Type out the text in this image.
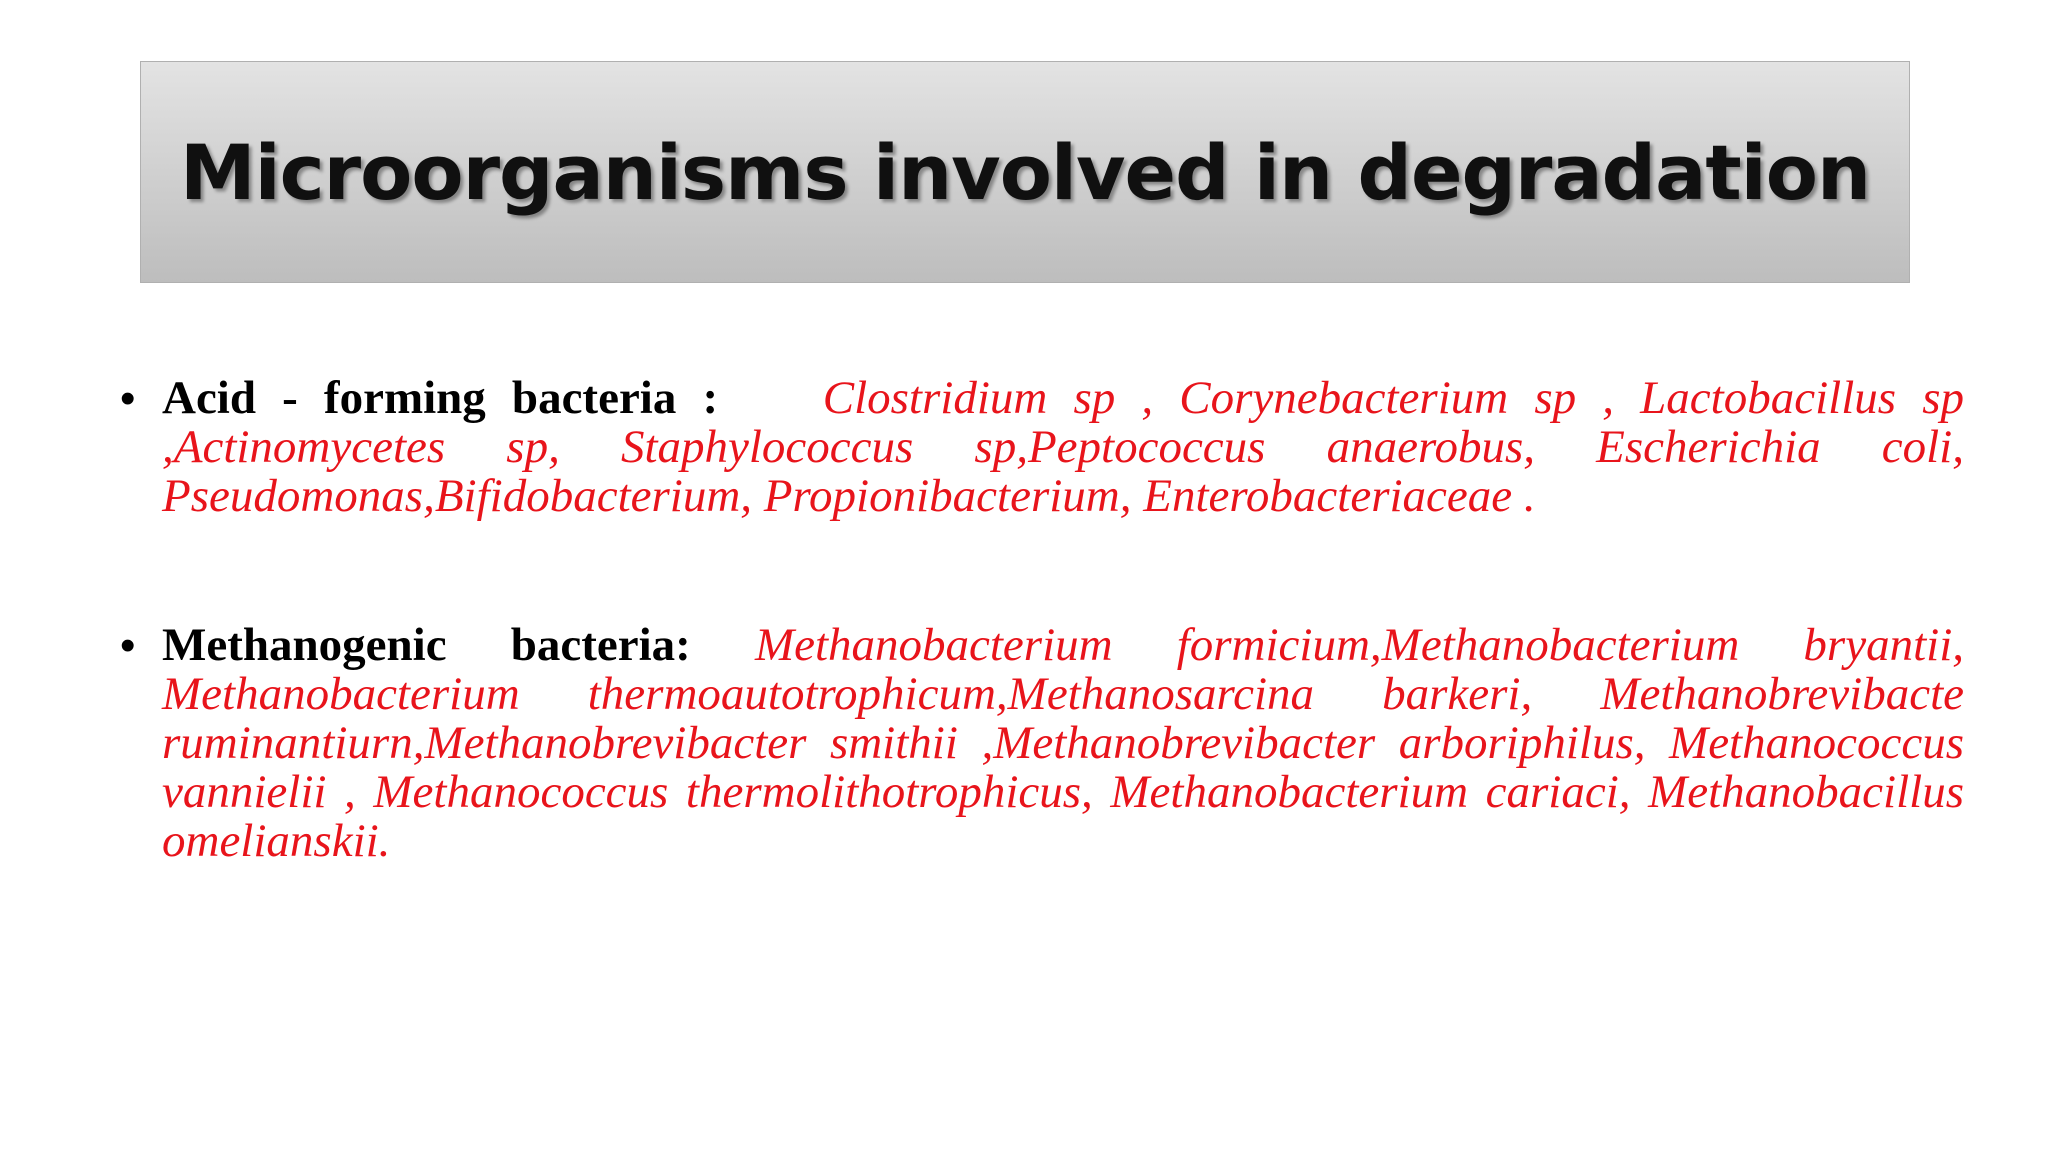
Microorganisms involved in degradation
• Acid - forming bacteria : Clostridium sp , Corynebacterium sp , Lactobacillus sp ,Actinomycetes sp, Staphylococcus sp,Peptococcus anaerobus, Escherichia coli, Pseudomonas,Bifidobacterium, Propionibacterium, Enterobacteriaceae .
• Methanogenic bacteria: Methanobacterium formicium,Methanobacterium bryantii, Methanobacterium thermoautotrophicum,Methanosarcina barkeri, Methanobrevibacte ruminantiurn,Methanobrevibacter smithii ,Methanobrevibacter arboriphilus, Methanococcus vannielii , Methanococcus thermolithotrophicus, Methanobacterium cariaci, Methanobacillus omelianskii.
